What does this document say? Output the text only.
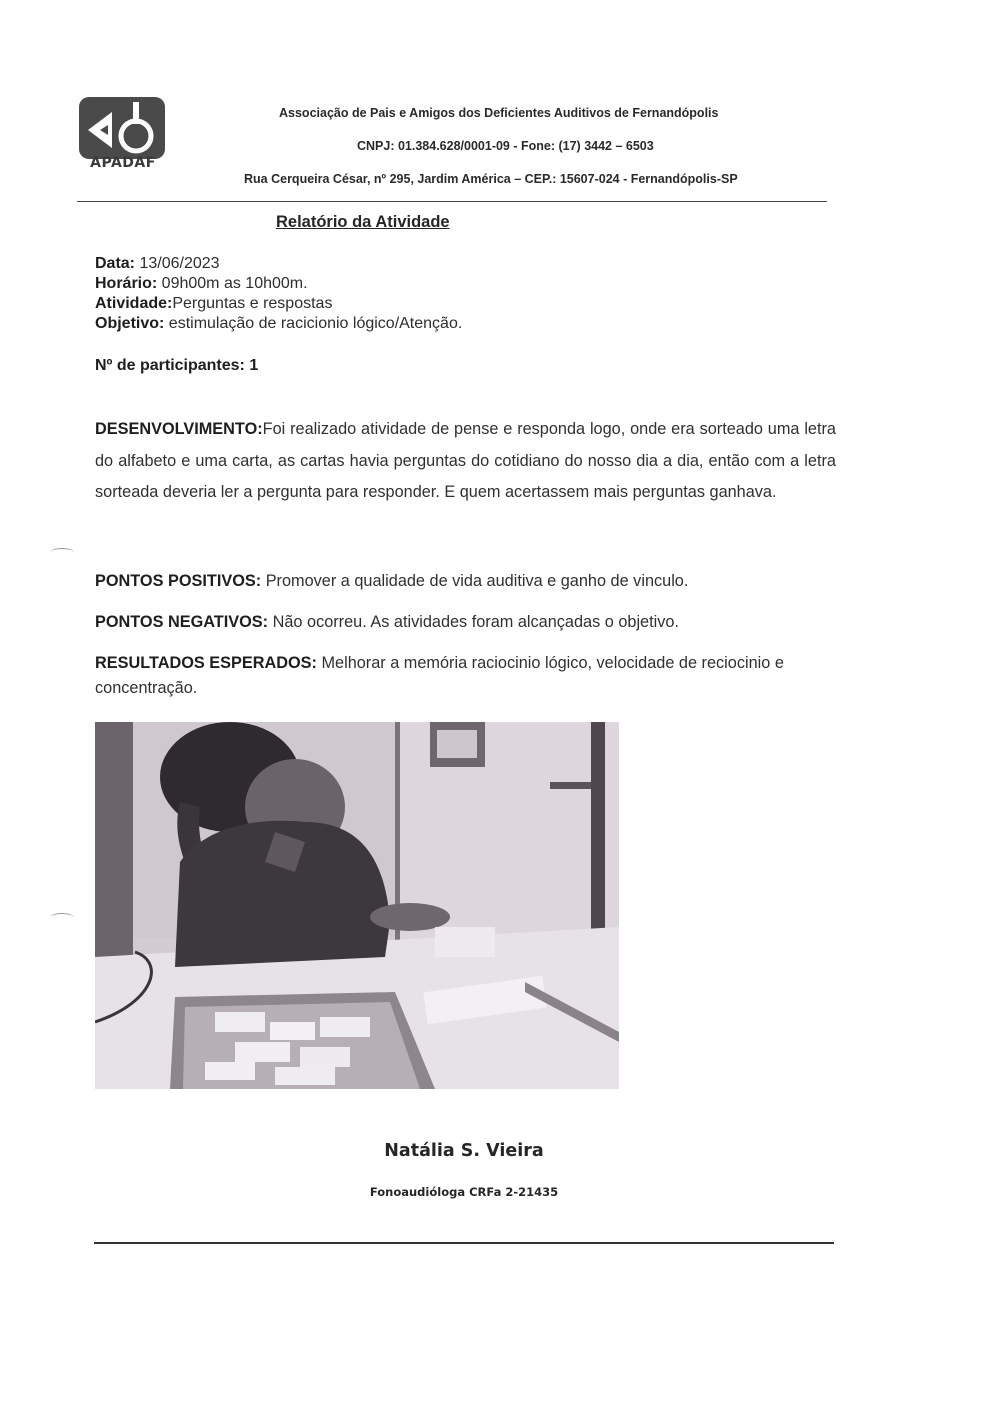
APADAF
Associação de Pais e Amigos dos Deficientes Auditivos de Fernandópolis
CNPJ: 01.384.628/0001-09 - Fone: (17) 3442 – 6503
Rua Cerqueira César, nº 295, Jardim América – CEP.: 15607-024 - Fernandópolis-SP
Relatório da Atividade
Data: 13/06/2023
Horário: 09h00m as 10h00m.
Atividade:Perguntas e respostas
Objetivo: estimulação de racicionio lógico/Atenção.
Nº de participantes: 1
DESENVOLVIMENTO:Foi realizado atividade de pense e responda logo, onde era sorteado uma letra do alfabeto e uma carta, as cartas havia perguntas do cotidiano do nosso dia a dia, então com a letra sorteada deveria ler a pergunta para responder. E quem acertassem mais perguntas ganhava.
PONTOS POSITIVOS: Promover a qualidade de vida auditiva e ganho de vinculo.
PONTOS NEGATIVOS: Não ocorreu. As atividades foram alcançadas o objetivo.
RESULTADOS ESPERADOS: Melhorar a memória raciocinio lógico, velocidade de reciocinio e concentração.
Natália S. Vieira
Fonoaudióloga CRFa 2-21435
